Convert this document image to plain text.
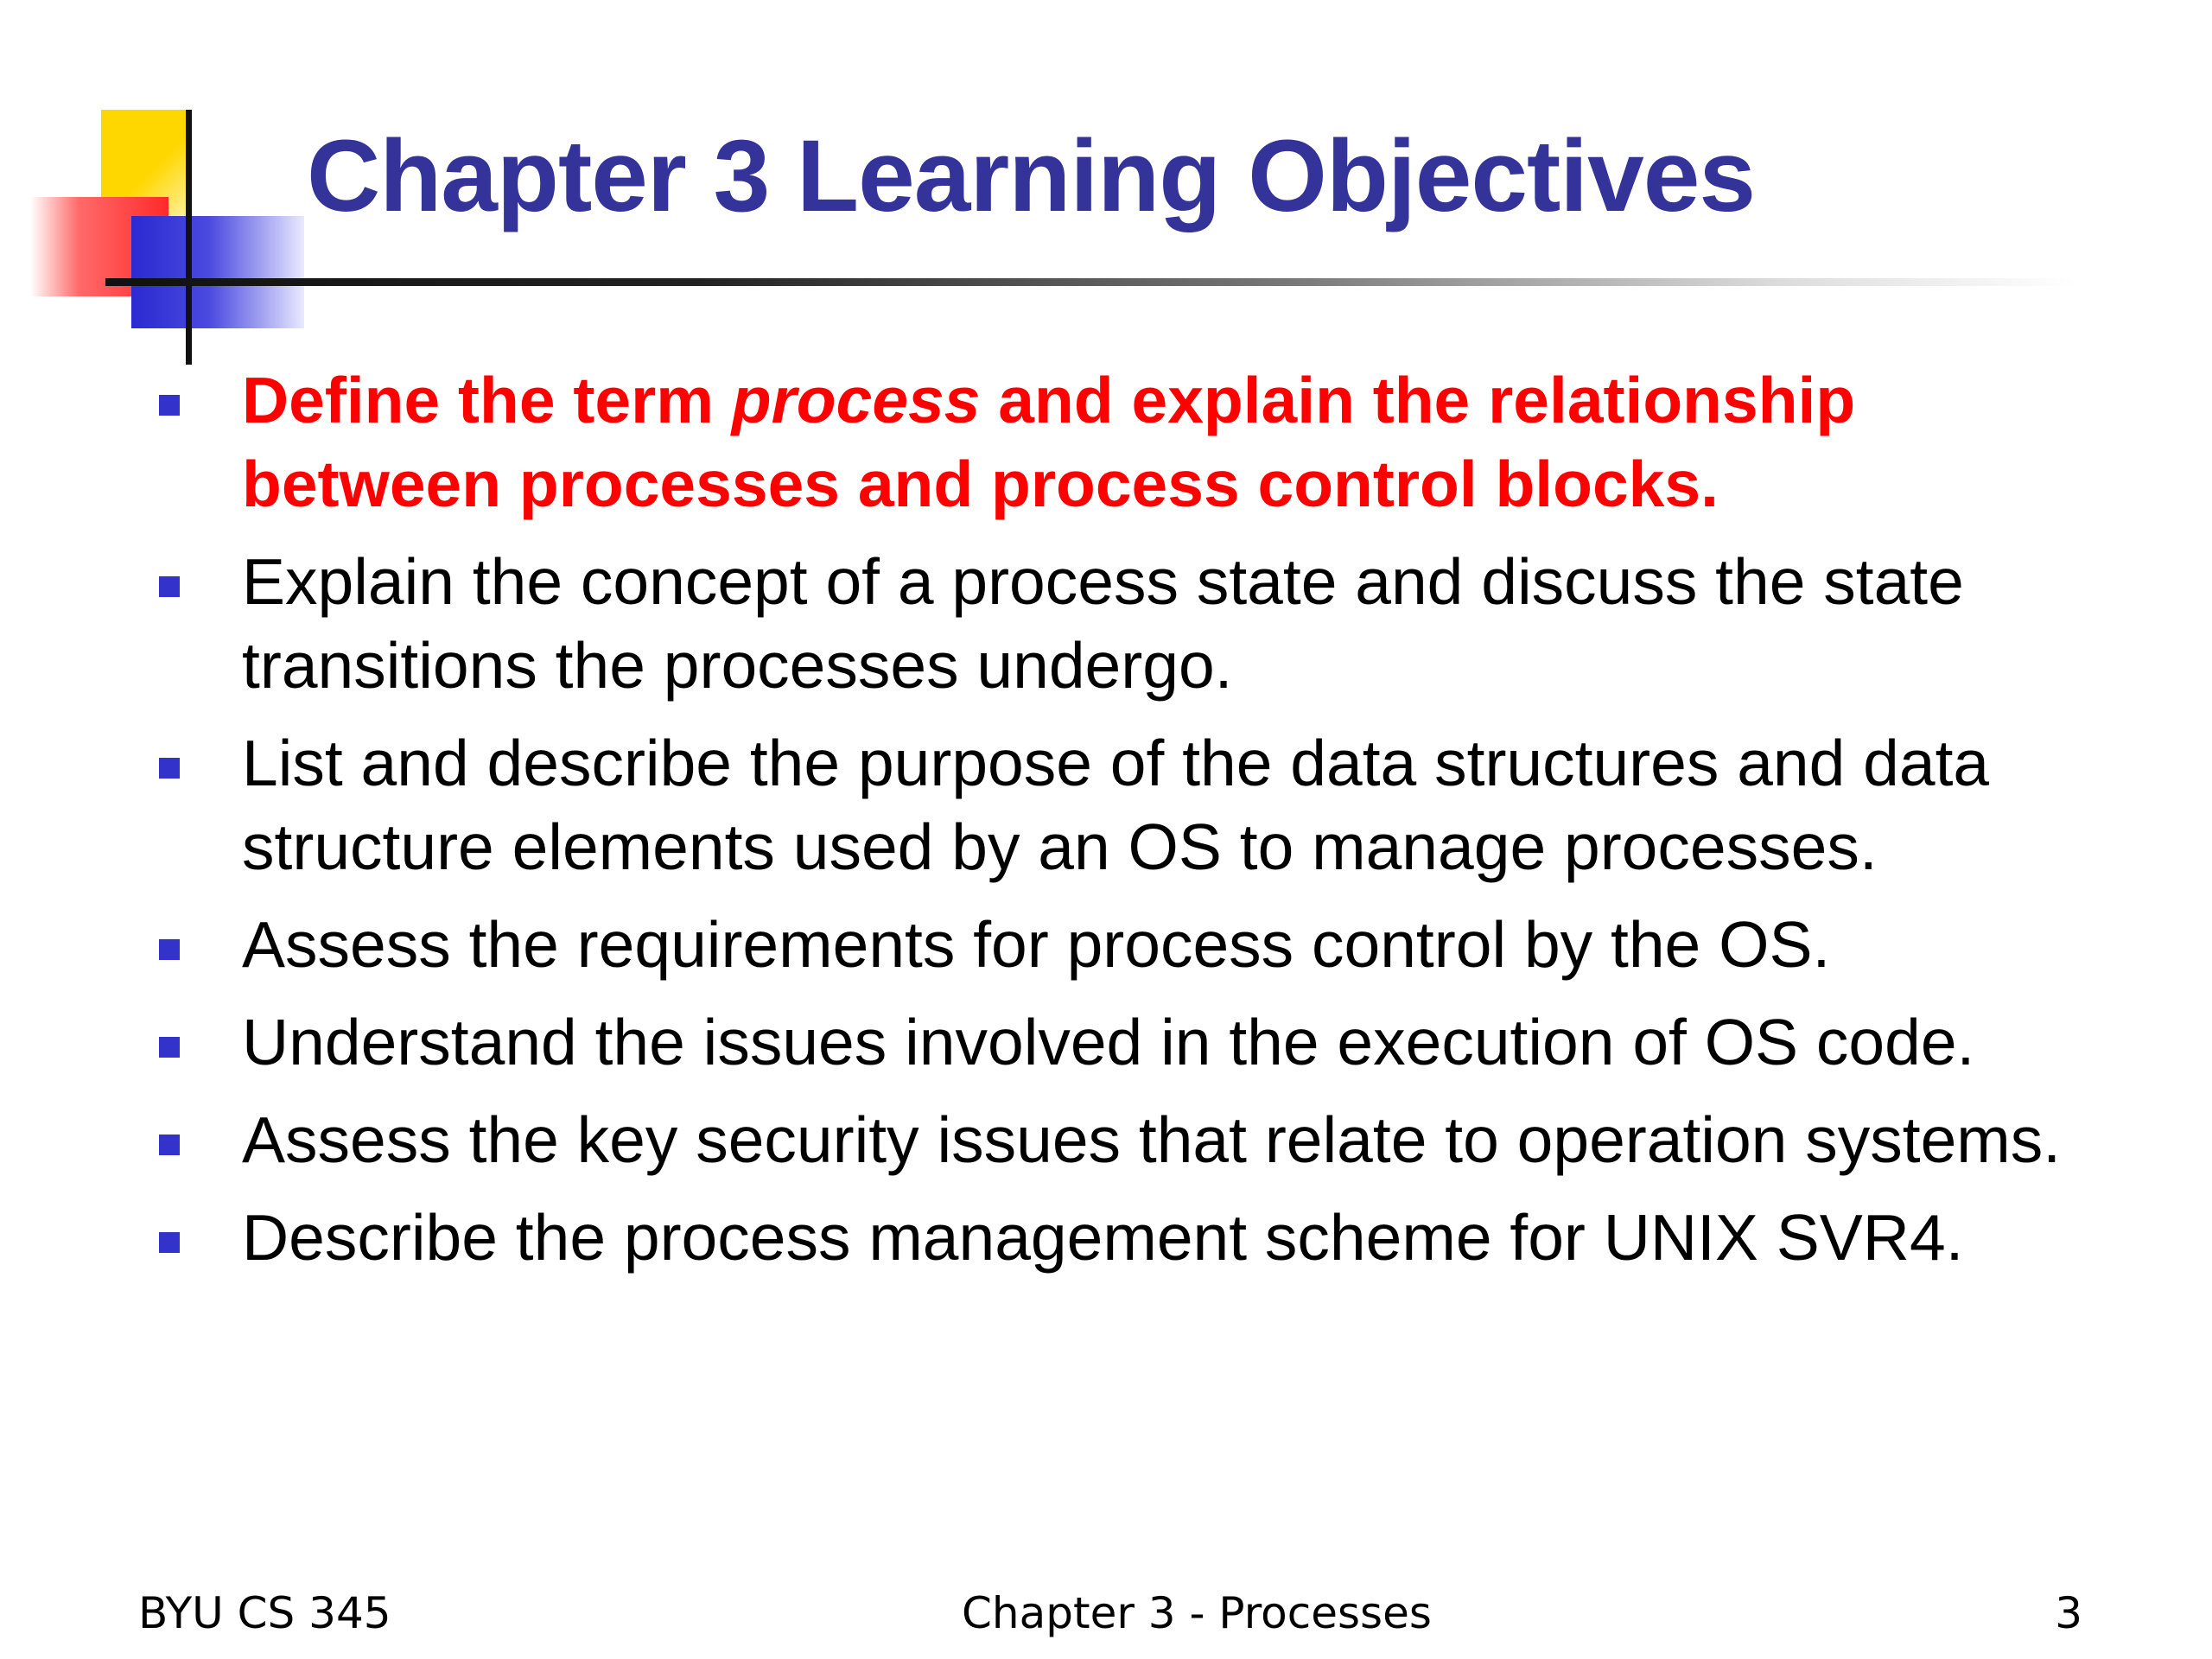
Chapter 3 Learning Objectives
Define the term process and explain the relationship between processes and process control blocks.
Explain the concept of a process state and discuss the state transitions the processes undergo.
List and describe the purpose of the data structures and data structure elements used by an OS to manage processes.
Assess the requirements for process control by the OS.
Understand the issues involved in the execution of OS code.
Assess the key security issues that relate to operation systems.
Describe the process management scheme for UNIX SVR4.
BYU CS 345	Chapter 3 - Processes	3
